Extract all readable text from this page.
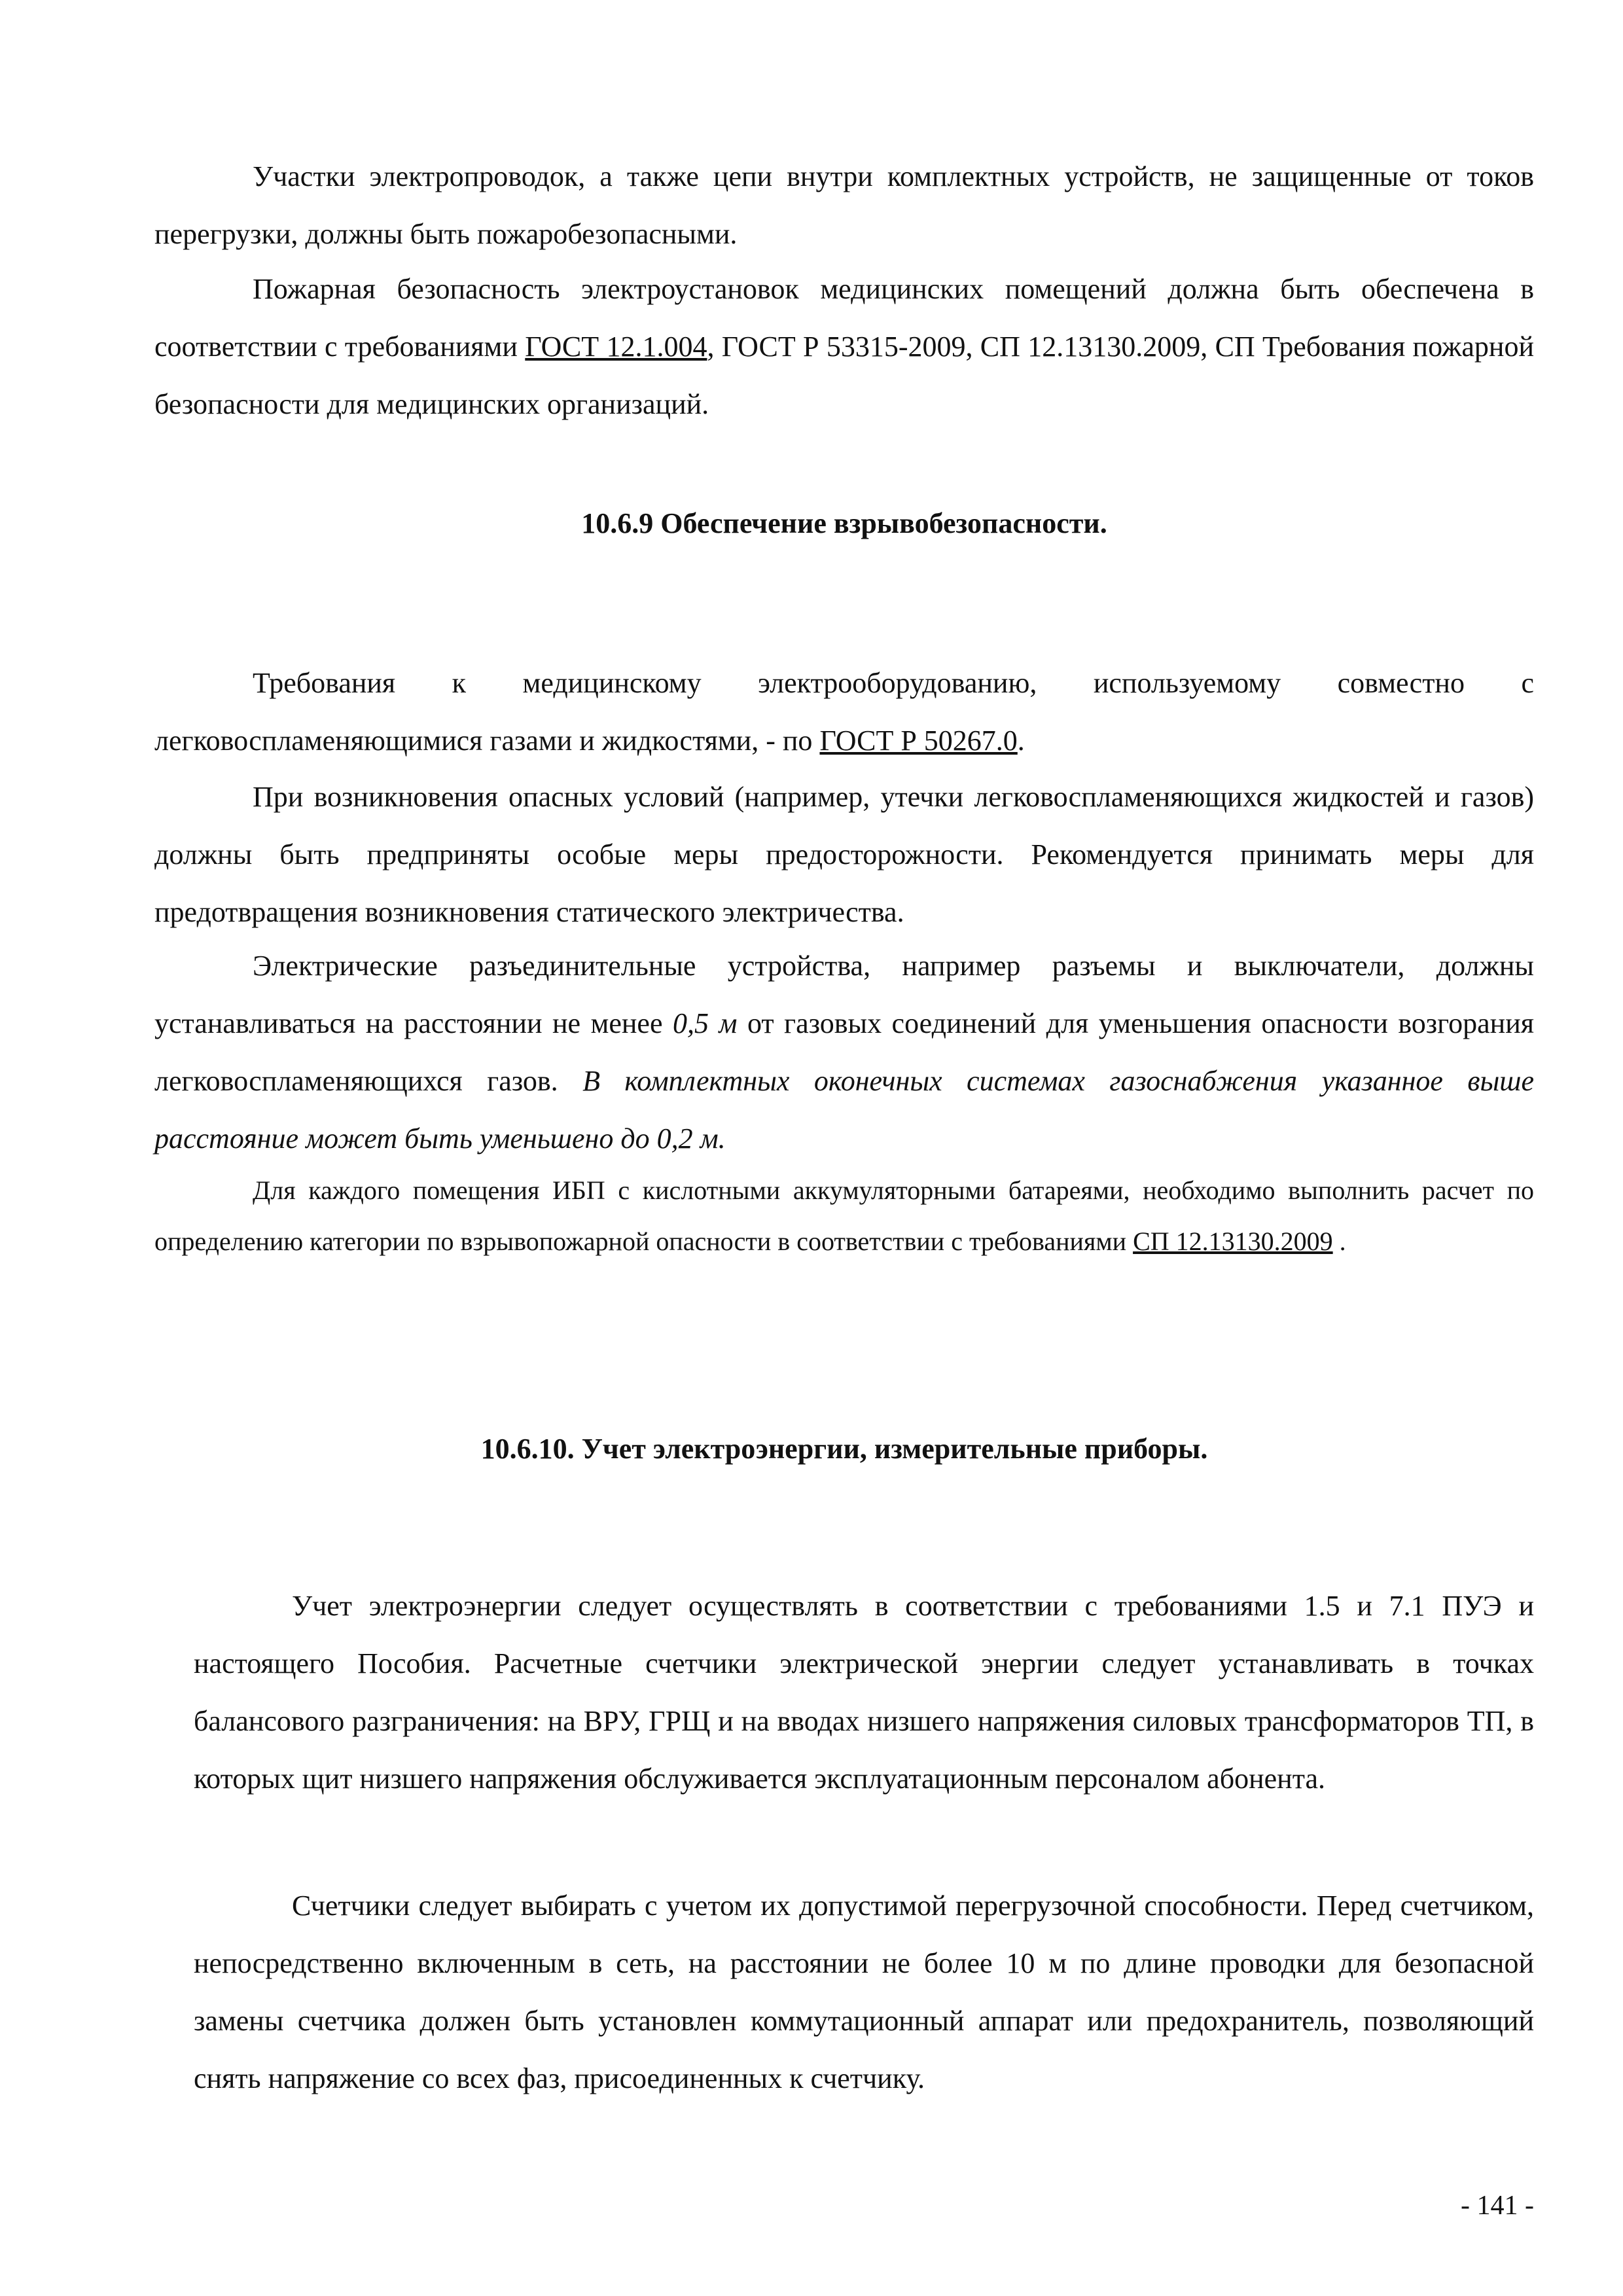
Участки электропроводок, а также цепи внутри комплектных устройств, не защищенные от токов перегрузки, должны быть пожаробезопасными.

Пожарная безопасность электроустановок медицинских помещений должна быть обеспечена в соответствии с требованиями ГОСТ 12.1.004, ГОСТ Р 53315-2009, СП 12.13130.2009, СП Требования пожарной безопасности для медицинских организаций.

10.6.9 Обеспечение взрывобезопасности.

Требования к медицинскому электрооборудованию, используемому совместно с легковоспламеняющимися газами и жидкостями, - по ГОСТ Р 50267.0.

При возникновения опасных условий (например, утечки легковоспламеняющихся жидкостей и газов) должны быть предприняты особые меры предосторожности. Рекомендуется принимать меры для предотвращения возникновения статического электричества.

Электрические разъединительные устройства, например разъемы и выключатели, должны устанавливаться на расстоянии не менее 0,5 м от газовых соединений для уменьшения опасности возгорания легковоспламеняющихся газов. В комплектных оконечных системах газоснабжения указанное выше расстояние может быть уменьшено до 0,2 м.

Для каждого помещения ИБП с кислотными аккумуляторными батареями, необходимо выполнить расчет по определению категории по взрывопожарной опасности в соответствии с требованиями СП 12.13130.2009 .

10.6.10. Учет электроэнергии, измерительные приборы.

Учет электроэнергии следует осуществлять в соответствии с требованиями 1.5 и 7.1 ПУЭ и настоящего Пособия. Расчетные счетчики электрической энергии следует устанавливать в точках балансового разграничения: на ВРУ, ГРЩ и на вводах низшего напряжения силовых трансформаторов ТП, в которых щит низшего напряжения обслуживается эксплуатационным персоналом абонента.

Счетчики следует выбирать с учетом их допустимой перегрузочной способности. Перед счетчиком, непосредственно включенным в сеть, на расстоянии не более 10 м по длине проводки для безопасной замены счетчика должен быть установлен коммутационный аппарат или предохранитель, позволяющий снять напряжение со всех фаз, присоединенных к счетчику.

- 141 -
